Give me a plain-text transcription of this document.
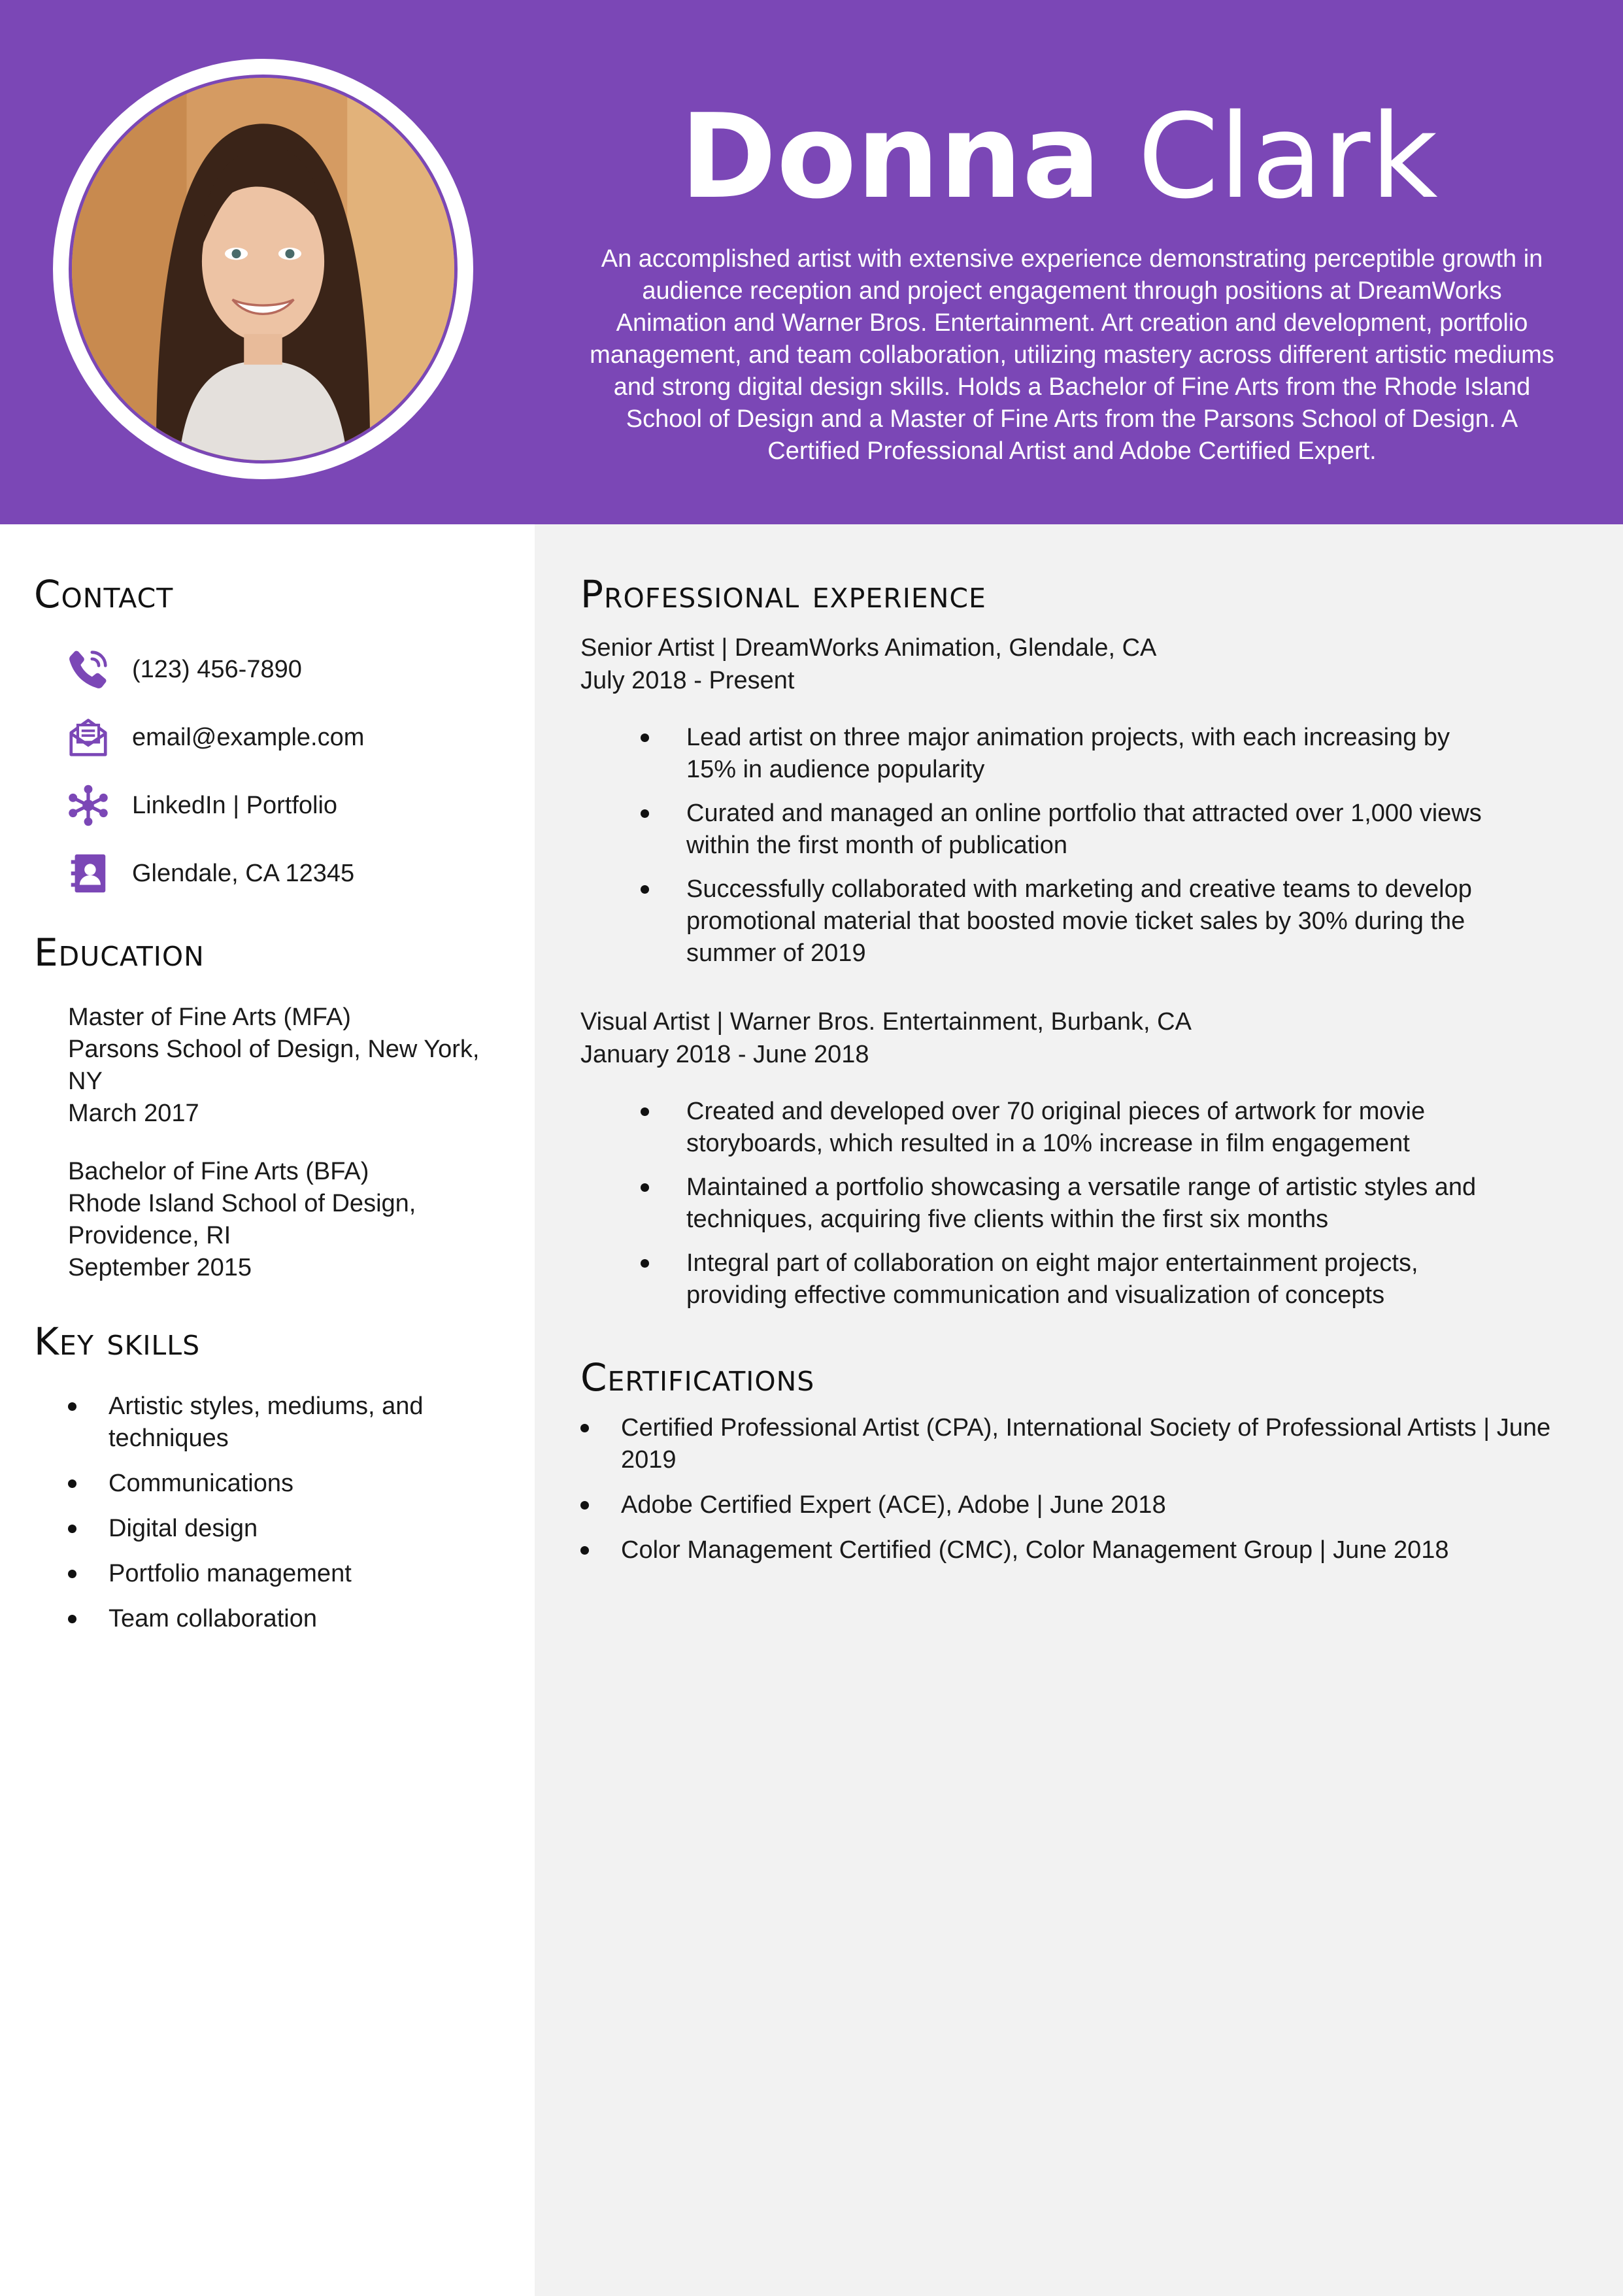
Donna Clark

An accomplished artist with extensive experience demonstrating perceptible growth in audience reception and project engagement through positions at DreamWorks Animation and Warner Bros. Entertainment. Art creation and development, portfolio management, and team collaboration, utilizing mastery across different artistic mediums and strong digital design skills. Holds a Bachelor of Fine Arts from the Rhode Island School of Design and a Master of Fine Arts from the Parsons School of Design. A Certified Professional Artist and Adobe Certified Expert.

Contact
(123) 456-7890
email@example.com
LinkedIn | Portfolio
Glendale, CA 12345
Education
Master of Fine Arts (MFA)
Parsons School of Design, New York, NY
March 2017
Bachelor of Fine Arts (BFA)
Rhode Island School of Design, Providence, RI
September 2015
Key skills
Artistic styles, mediums, and techniques
Communications
Digital design
Portfolio management
Team collaboration
Professional experience
Senior Artist | DreamWorks Animation, Glendale, CA
July 2018 - Present
Lead artist on three major animation projects, with each increasing by 15% in audience popularity
Curated and managed an online portfolio that attracted over 1,000 views within the first month of publication
Successfully collaborated with marketing and creative teams to develop promotional material that boosted movie ticket sales by 30% during the summer of 2019
Visual Artist | Warner Bros. Entertainment, Burbank, CA
January 2018 - June 2018
Created and developed over 70 original pieces of artwork for movie storyboards, which resulted in a 10% increase in film engagement
Maintained a portfolio showcasing a versatile range of artistic styles and techniques, acquiring five clients within the first six months
Integral part of collaboration on eight major entertainment projects, providing effective communication and visualization of concepts
Certifications
Certified Professional Artist (CPA), International Society of Professional Artists | June 2019
Adobe Certified Expert (ACE), Adobe | June 2018
Color Management Certified (CMC), Color Management Group | June 2018
